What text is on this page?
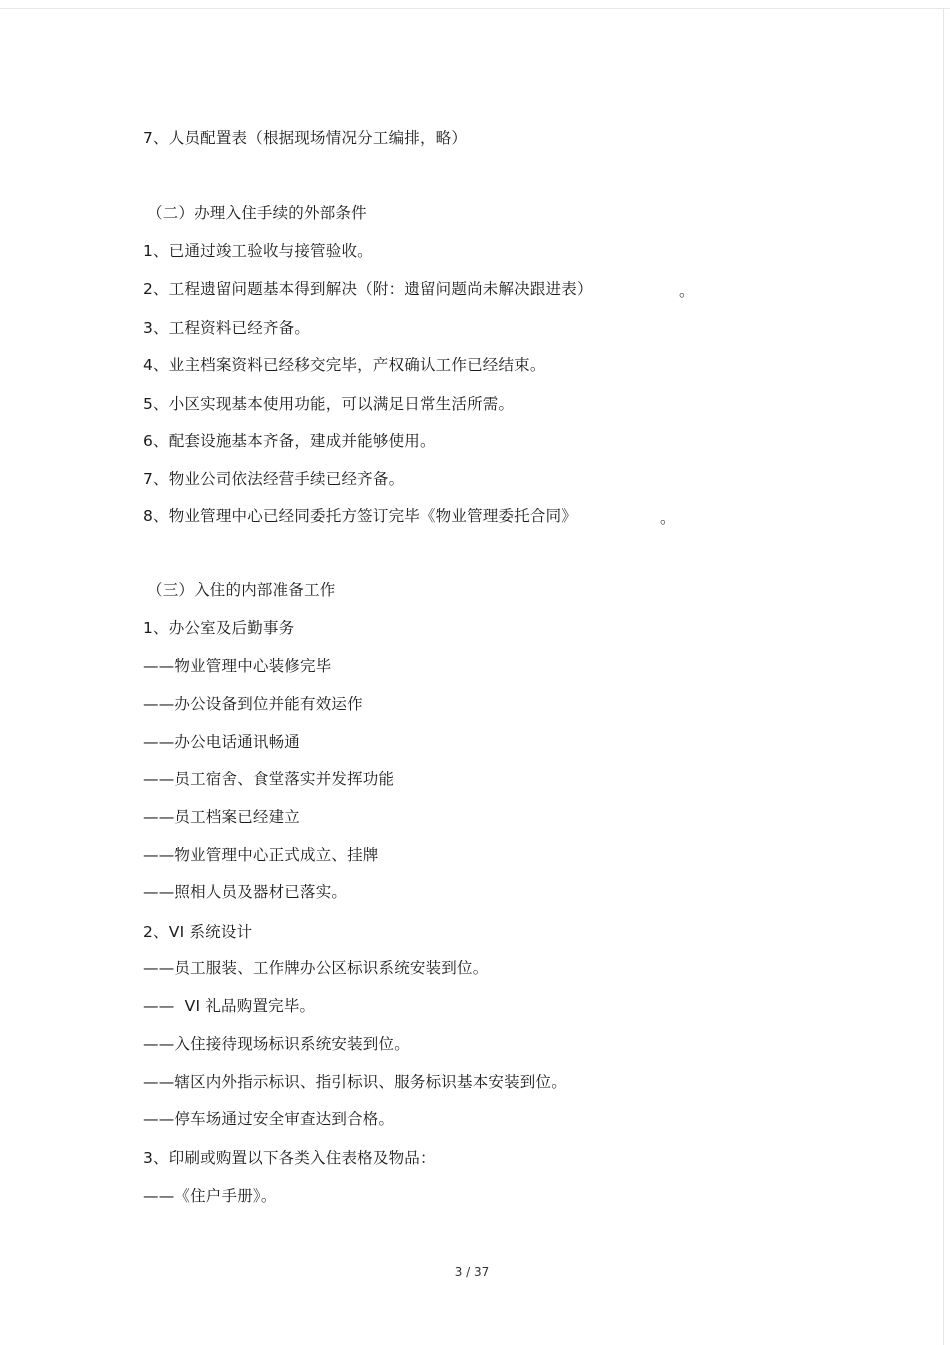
7、人员配置表（根据现场情况分工编排，略）
（二）办理入住手续的外部条件
1、已通过竣工验收与接管验收。
2、工程遗留问题基本得到解决（附：遗留问题尚未解决跟进表）	。
3、工程资料已经齐备。
4、业主档案资料已经移交完毕，产权确认工作已经结束。
5、小区实现基本使用功能，可以满足日常生活所需。
6、配套设施基本齐备，建成并能够使用。
7、物业公司依法经营手续已经齐备。
8、物业管理中心已经同委托方签订完毕《物业管理委托合同》	。
（三）入住的内部准备工作
1、办公室及后勤事务
——物业管理中心装修完毕
——办公设备到位并能有效运作
——办公电话通讯畅通
——员工宿舍、食堂落实并发挥功能
——员工档案已经建立
——物业管理中心正式成立、挂牌
——照相人员及器材已落实。
2、VI 系统设计
——员工服装、工作牌办公区标识系统安装到位。
——  VI 礼品购置完毕。
——入住接待现场标识系统安装到位。
——辖区内外指示标识、指引标识、服务标识基本安装到位。
——停车场通过安全审查达到合格。
3、印刷或购置以下各类入住表格及物品：
——《住户手册》。
3 / 37
